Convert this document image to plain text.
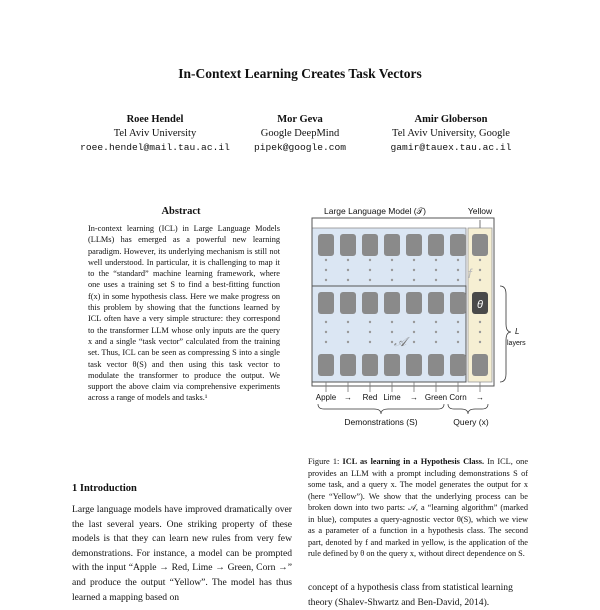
In-Context Learning Creates Task Vectors
Roee Hendel
Tel Aviv University
roee.hendel@mail.tau.ac.il
Mor Geva
Google DeepMind
pipek@google.com
Amir Globerson
Tel Aviv University, Google
gamir@tauex.tau.ac.il
Abstract
In-context learning (ICL) in Large Language Models (LLMs) has emerged as a powerful new learning paradigm. However, its underlying mechanism is still not well understood. In particular, it is challenging to map it to the “standard” machine learning framework, where one uses a training set S to find a best-fitting function f(x) in some hypothesis class. Here we make progress on this problem by showing that the functions learned by ICL often have a very simple structure: they correspond to the transformer LLM whose only inputs are the query x and a single “task vector” calculated from the training set. Thus, ICL can be seen as compressing S into a single task vector θ(S) and then using this task vector to modulate the transformer to produce the output. We support the above claim via comprehensive experiments across a range of models and tasks.¹
1 Introduction
Large language models have improved dramatically over the last several years. One striking property of these models is that they can learn new rules from very few demonstrations. For instance, a model can be prompted with the input “Apple → Red, Lime → Green, Corn →” and produce the output “Yellow”. The model has thus learned a mapping based on
θ
Large Language Model (𝒯)	Yellow
f
𝒜
L
layers
Apple → Red Lime → Green Corn →
Demonstrations (S)	Query (x)
Figure 1: ICL as learning in a Hypothesis Class. In ICL, one provides an LLM with a prompt including demonstrations S of some task, and a query x. The model generates the output for x (here “Yellow”). We show that the underlying process can be broken down into two parts: 𝒜, a “learning algorithm” (marked in blue), computes a query-agnostic vector θ(S), which we view as a parameter of a function in a hypothesis class. The second part, denoted by f and marked in yellow, is the application of the rule defined by θ on the query x, without direct dependence on S.
concept of a hypothesis class from statistical learning theory (Shalev-Shwartz and Ben-David, 2014).
